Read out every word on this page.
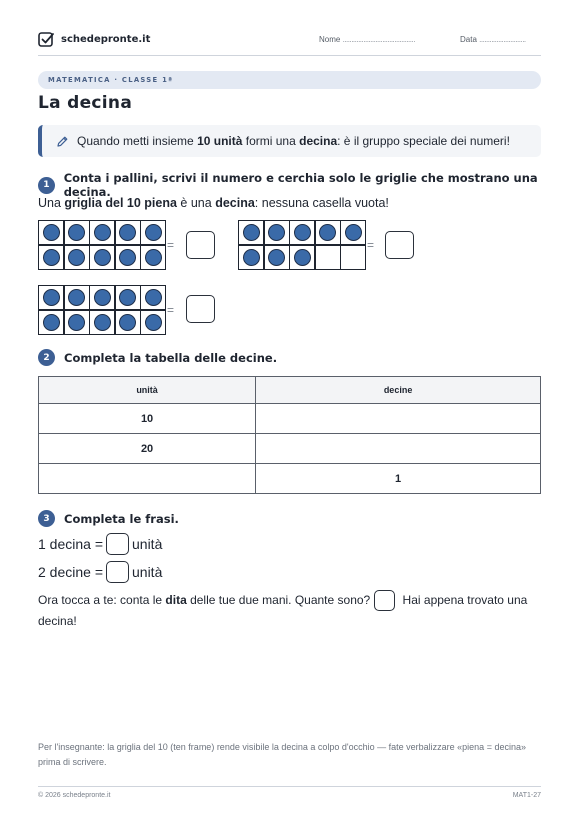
schedepronte.it	Nome ..........................................	Data ...........................
MATEMATICA · CLASSE 1ª
La decina
Quando metti insieme 10 unità formi una decina: è il gruppo speciale dei numeri!
1	Conta i pallini, scrivi il numero e cerchia solo le griglie che mostrano una decina.
Una griglia del 10 piena è una decina: nessuna casella vuota!
=	=
=
2	Completa la tabella delle decine.
unità	decine
10	
20	
	1
3	Completa le frasi.
1 decina = unità
2 decine = unità
Ora tocca a te: conta le dita delle tue due mani. Quante sono? Hai appena trovato una decina!
Per l'insegnante: la griglia del 10 (ten frame) rende visibile la decina a colpo d'occhio — fate verbalizzare «piena = decina» prima di scrivere.
© 2026 schedepronte.it	MAT1-27
